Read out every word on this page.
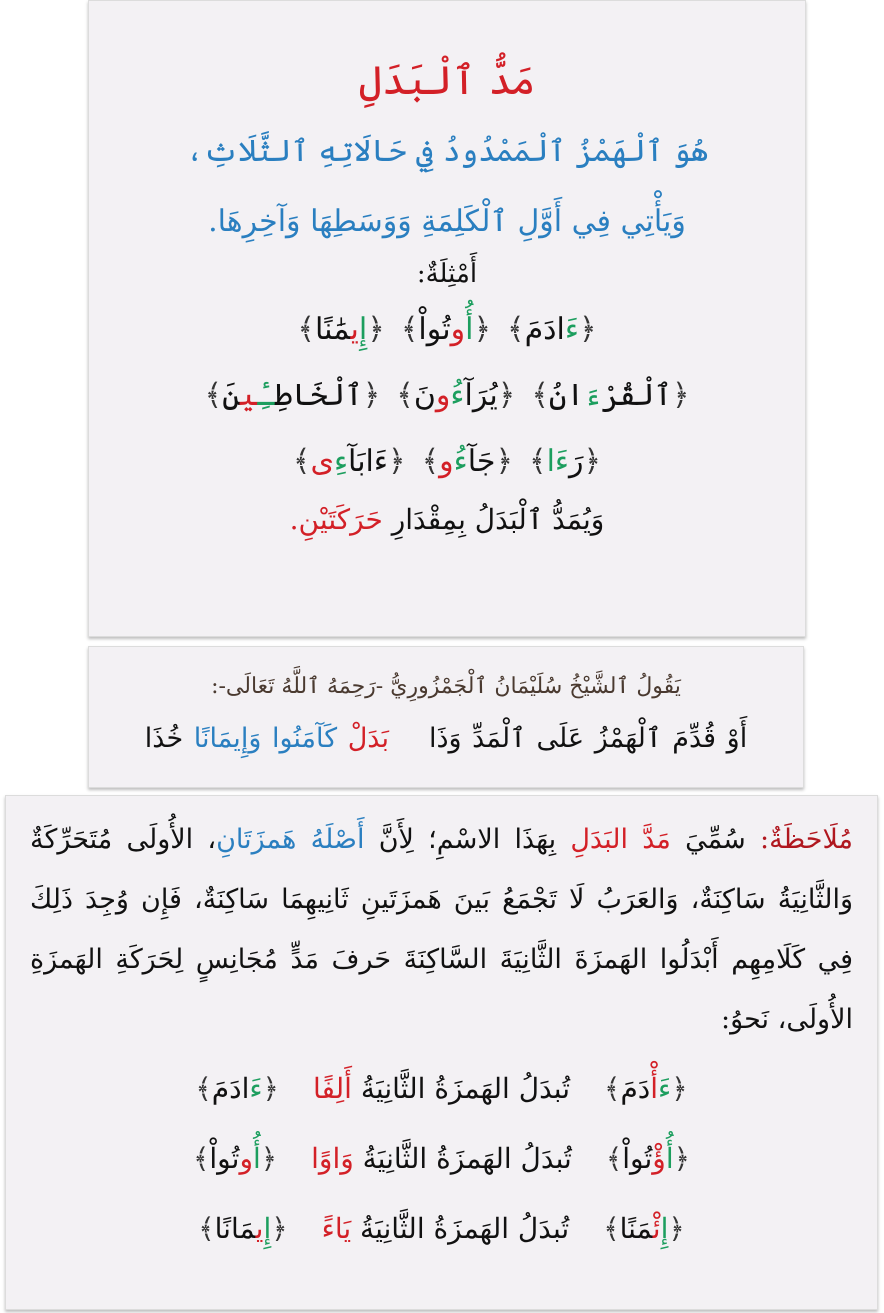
مَدُّ ٱلْبَدَلِ
هُوَ ٱلْهَمْزُ ٱلْمَمْدُودُ فِي حَالَاتِهِ ٱلثَّلَاثِ،
وَيَأْتِي فِي أَوَّلِ ٱلْكَلِمَةِ وَوَسَطِهَا وَآخِرِهَا.
أَمْثِلَةٌ:
﴿ءَادَمَ﴾﴿أُوتُواْ﴾﴿إِيمَٰنًا﴾
﴿ٱلْقُرْءَانُ﴾﴿يُرَآءُونَ﴾﴿ٱلْخَاطِـِٔينَ﴾
﴿رَءَا﴾﴿جَآءُو﴾﴿ءَابَآءِى﴾
وَيُمَدُّ ٱلْبَدَلُ بِمِقْدَارِ حَرَكَتَيْنِ.
يَقُولُ ٱلشَّيْخُ سُلَيْمَانُ ٱلْجَمْزُورِيُّ -رَحِمَهُ ٱللَّهُ تَعَالَى-:
أَوْ قُدِّمَ ٱلْهَمْزُ عَلَى ٱلْمَدِّ وَذَابَدَلْ كَآمَنُوا وَإِيمَانًا خُذَا
مُلَاحَظَةٌ: سُمِّيَ مَدَّ البَدَلِ بِهَذَا الاسْمِ؛ لِأَنَّ أَصْلَهُ هَمزَتَانِ، الأُولَى مُتَحَرِّكَةٌ وَالثَّانِيَةُ سَاكِنَةٌ، وَالعَرَبُ لَا تَجْمَعُ بَينَ هَمزَتَينِ ثَانِيهِمَا سَاكِنَةٌ، فَإِن وُجِدَ ذَلِكَ فِي كَلَامِهِم أَبْدَلُوا الهَمزَةَ الثَّانِيَةَ السَّاكِنَةَ حَرفَ مَدٍّ مُجَانِسٍ لِحَرَكَةِ الهَمزَةِ الأُولَى، نَحوُ:
﴿ءَأْدَمَ﴾تُبدَلُ الهَمزَةُ الثَّانِيَةُ أَلِفًا﴿ءَادَمَ﴾
﴿أُؤْتُواْ﴾تُبدَلُ الهَمزَةُ الثَّانِيَةُ وَاوًا﴿أُوتُواْ﴾
﴿إِئْمَنًا﴾تُبدَلُ الهَمزَةُ الثَّانِيَةُ يَاءً﴿إِيمَانًا﴾
